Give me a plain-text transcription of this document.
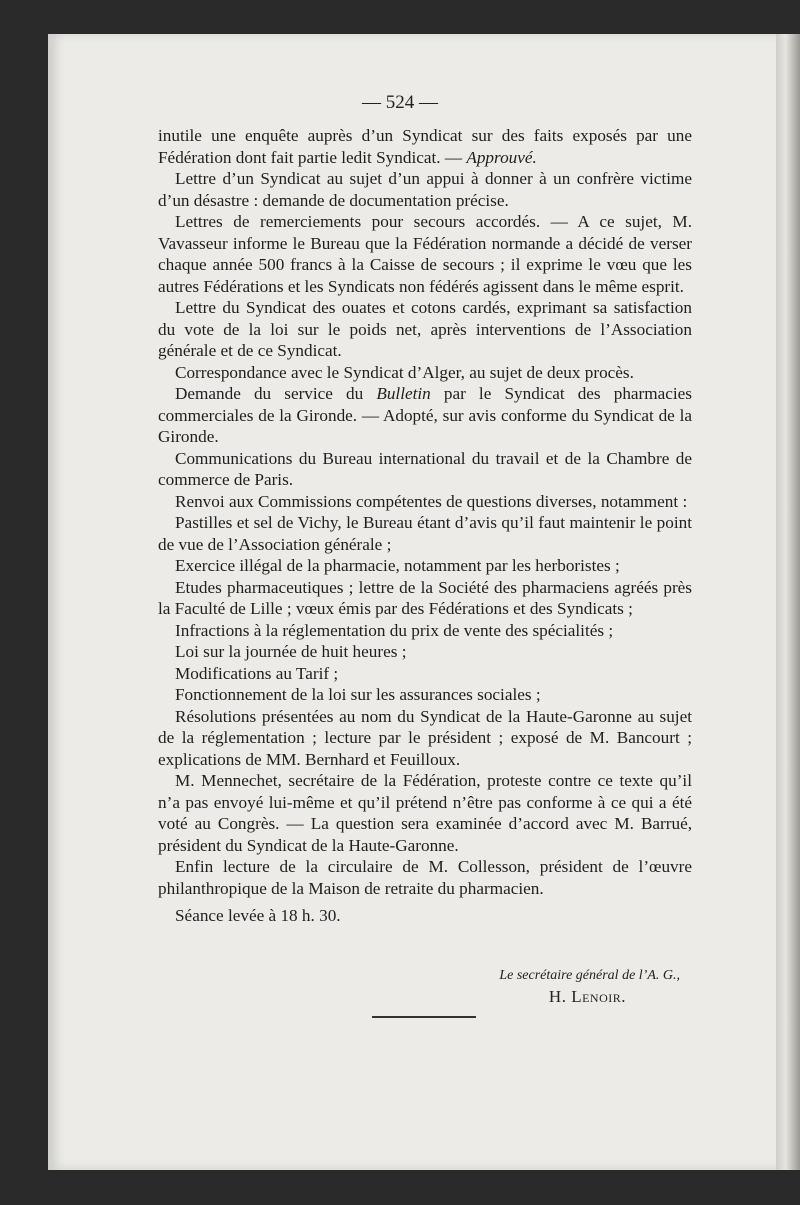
— 524 —

inutile une enquête auprès d’un Syndicat sur des faits exposés par une Fédération dont fait partie ledit Syndicat. — Approuvé.

Lettre d’un Syndicat au sujet d’un appui à donner à un confrère victime d’un désastre : demande de documentation précise.

Lettres de remerciements pour secours accordés. — A ce sujet, M. Vavasseur informe le Bureau que la Fédération normande a décidé de verser chaque année 500 francs à la Caisse de secours ; il exprime le vœu que les autres Fédérations et les Syndicats non fédérés agissent dans le même esprit.

Lettre du Syndicat des ouates et cotons cardés, exprimant sa satisfaction du vote de la loi sur le poids net, après interventions de l’Association générale et de ce Syndicat.

Correspondance avec le Syndicat d’Alger, au sujet de deux procès.

Demande du service du Bulletin par le Syndicat des pharmacies commerciales de la Gironde. — Adopté, sur avis conforme du Syndicat de la Gironde.

Communications du Bureau international du travail et de la Chambre de commerce de Paris.

Renvoi aux Commissions compétentes de questions diverses, notamment :

Pastilles et sel de Vichy, le Bureau étant d’avis qu’il faut maintenir le point de vue de l’Association générale ;

Exercice illégal de la pharmacie, notamment par les herboristes ;

Etudes pharmaceutiques ; lettre de la Société des pharmaciens agréés près la Faculté de Lille ; vœux émis par des Fédérations et des Syndicats ;

Infractions à la réglementation du prix de vente des spécialités ;

Loi sur la journée de huit heures ;

Modifications au Tarif ;

Fonctionnement de la loi sur les assurances sociales ;

Résolutions présentées au nom du Syndicat de la Haute-Garonne au sujet de la réglementation ; lecture par le président ; exposé de M. Bancourt ; explications de MM. Bernhard et Feuilloux.

M. Mennechet, secrétaire de la Fédération, proteste contre ce texte qu’il n’a pas envoyé lui-même et qu’il prétend n’être pas conforme à ce qui a été voté au Congrès. — La question sera examinée d’accord avec M. Barrué, président du Syndicat de la Haute-Garonne.

Enfin lecture de la circulaire de M. Collesson, président de l’œuvre philanthropique de la Maison de retraite du pharmacien.

Séance levée à 18 h. 30.

Le secrétaire général de l’A. G.,
H. Lenoir.
